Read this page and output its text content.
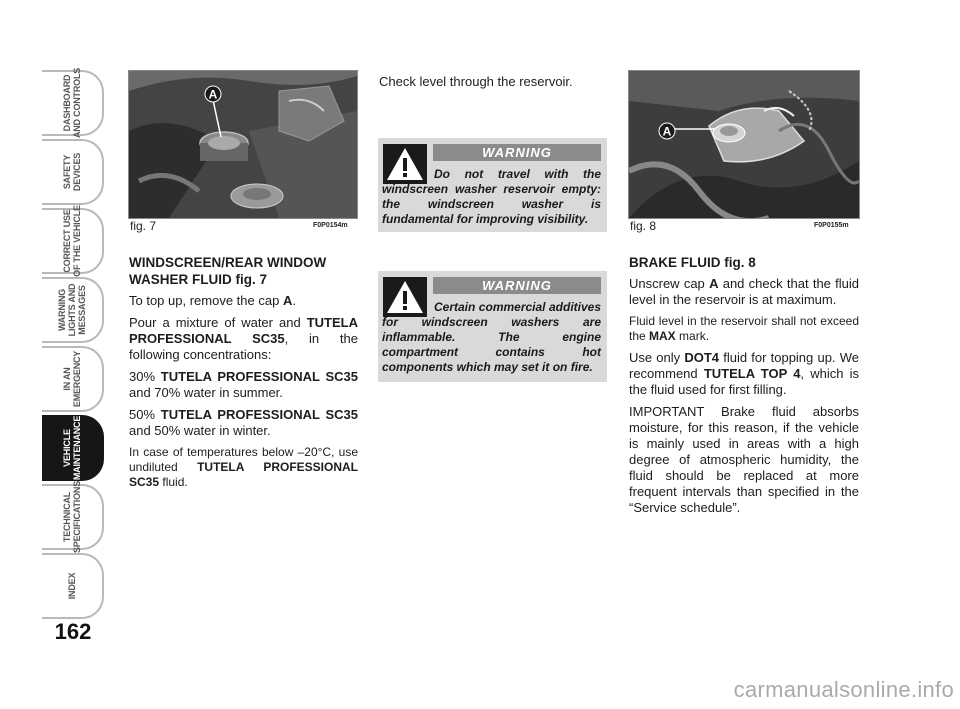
DASHBOARD
AND CONTROLS
SAFETY
DEVICES
CORRECT USE
OF THE VEHICLE
WARNING
LIGHTS AND
MESSAGES
IN AN
EMERGENCY
VEHICLE
MAINTENANCE
TECHNICAL
SPECIFICATIONS
INDEX
162
A
fig. 7	F0P0154m

WINDSCREEN/REAR WINDOW
WASHER FLUID fig. 7

To top up, remove the cap A.

Pour a mixture of water and TUTELA PROFESSIONAL SC35, in the following concentrations:

30% TUTELA PROFESSIONAL SC35 and 70% water in summer.

50% TUTELA PROFESSIONAL SC35 and 50% water in winter.

In case of temperatures below –20°C, use undiluted TUTELA PROFESSIONAL SC35 fluid.

Check level through the reservoir.
WARNING
Do not travel with the windscreen washer reservoir empty: the windscreen washer is fundamental for improving visibility.
WARNING
Certain commercial additives for windscreen washers are inflammable. The engine compartment contains hot components which may set it on fire.
A
fig. 8	F0P0155m

BRAKE FLUID fig. 8

Unscrew cap A and check that the fluid level in the reservoir is at maximum.

Fluid level in the reservoir shall not exceed the MAX mark.

Use only DOT4 fluid for topping up. We recommend TUTELA TOP 4, which is the fluid used for first filling.

IMPORTANT Brake fluid absorbs moisture, for this reason, if the vehicle is mainly used in areas with a high degree of atmospheric humidity, the fluid should be replaced at more frequent intervals than specified in the “Service schedule”.

carmanualsonline.info
